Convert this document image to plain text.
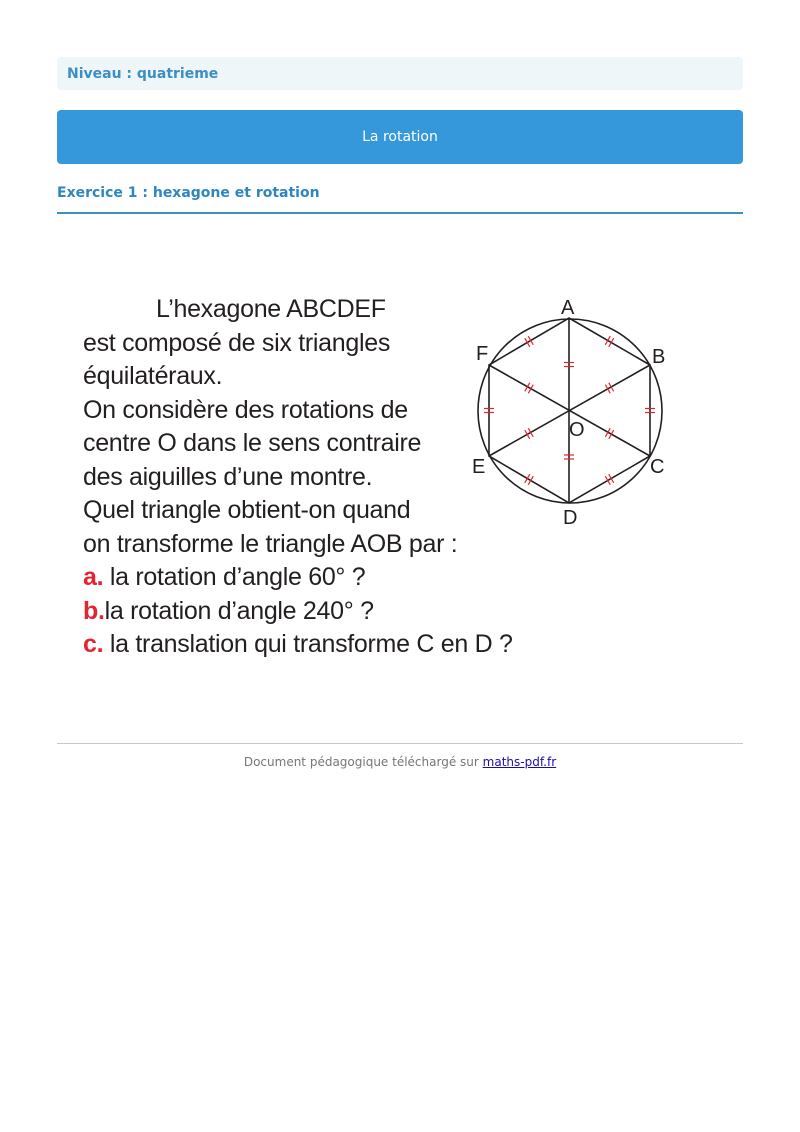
Niveau : quatrieme
La rotation
Exercice 1 : hexagone et rotation
L’hexagone ABCDEF
est composé de six triangles
équilatéraux.
On considère des rotations de
centre O dans le sens contraire
des aiguilles d’une montre.
Quel triangle obtient-on quand
on transforme le triangle AOB par :
a. la rotation d’angle 60° ?
b.la rotation d’angle 240° ?
c. la translation qui transforme C en D ?
A
B
C
D
E
F
O
Document pédagogique téléchargé sur maths-pdf.fr
